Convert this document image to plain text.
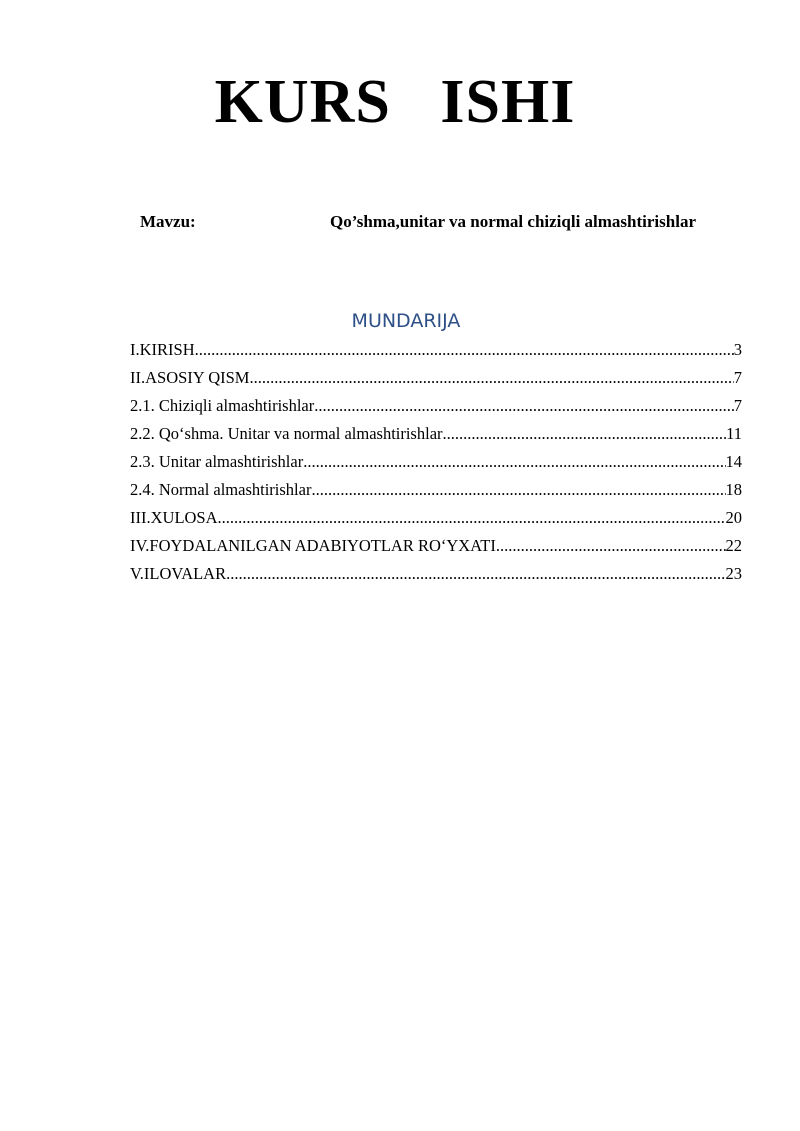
KURS   ISHI
Mavzu:	Qo’shma,unitar va normal chiziqli almashtirishlar
MUNDARIJA
I.KIRISH .....	3
II.ASOSIY QISM .....	7
2.1. Chiziqli almashtirishlar .....	7
2.2. Qo‘shma. Unitar va normal almashtirishlar .....	11
2.3. Unitar almashtirishlar .....	14
2.4. Normal almashtirishlar .....	18
III.XULOSA .....	20
IV.FOYDALANILGAN ADABIYOTLAR RO‘YXATI .....	22
V.ILOVALAR .....	23
